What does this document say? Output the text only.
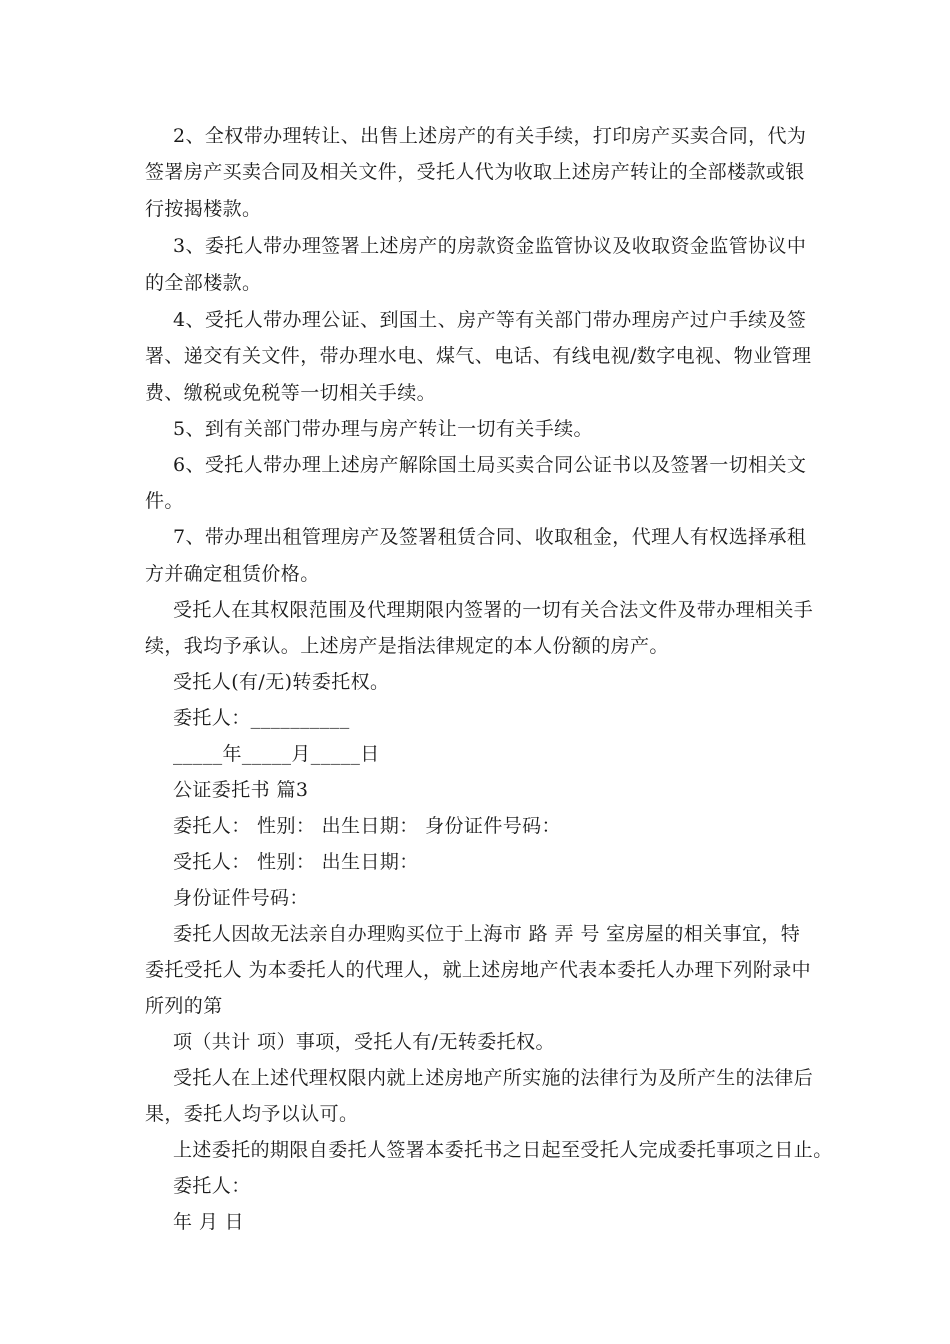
2、全权带办理转让、出售上述房产的有关手续，打印房产买卖合同，代为
签署房产买卖合同及相关文件，受托人代为收取上述房产转让的全部楼款或银
行按揭楼款。
3、委托人带办理签署上述房产的房款资金监管协议及收取资金监管协议中
的全部楼款。
4、受托人带办理公证、到国土、房产等有关部门带办理房产过户手续及签
署、递交有关文件，带办理水电、煤气、电话、有线电视/数字电视、物业管理
费、缴税或免税等一切相关手续。
5、到有关部门带办理与房产转让一切有关手续。
6、受托人带办理上述房产解除国土局买卖合同公证书以及签署一切相关文
件。
7、带办理出租管理房产及签署租赁合同、收取租金，代理人有权选择承租
方并确定租赁价格。
受托人在其权限范围及代理期限内签署的一切有关合法文件及带办理相关手
续，我均予承认。上述房产是指法律规定的本人份额的房产。
受托人(有/无)转委托权。
委托人：__________
_____年_____月_____日
公证委托书 篇3
委托人： 性别： 出生日期： 身份证件号码：
受托人： 性别： 出生日期：
身份证件号码：
委托人因故无法亲自办理购买位于上海市 路 弄 号 室房屋的相关事宜，特
委托受托人 为本委托人的代理人，就上述房地产代表本委托人办理下列附录中
所列的第
项（共计 项）事项，受托人有/无转委托权。
受托人在上述代理权限内就上述房地产所实施的法律行为及所产生的法律后
果，委托人均予以认可。
上述委托的期限自委托人签署本委托书之日起至受托人完成委托事项之日止。
委托人：
年 月 日
